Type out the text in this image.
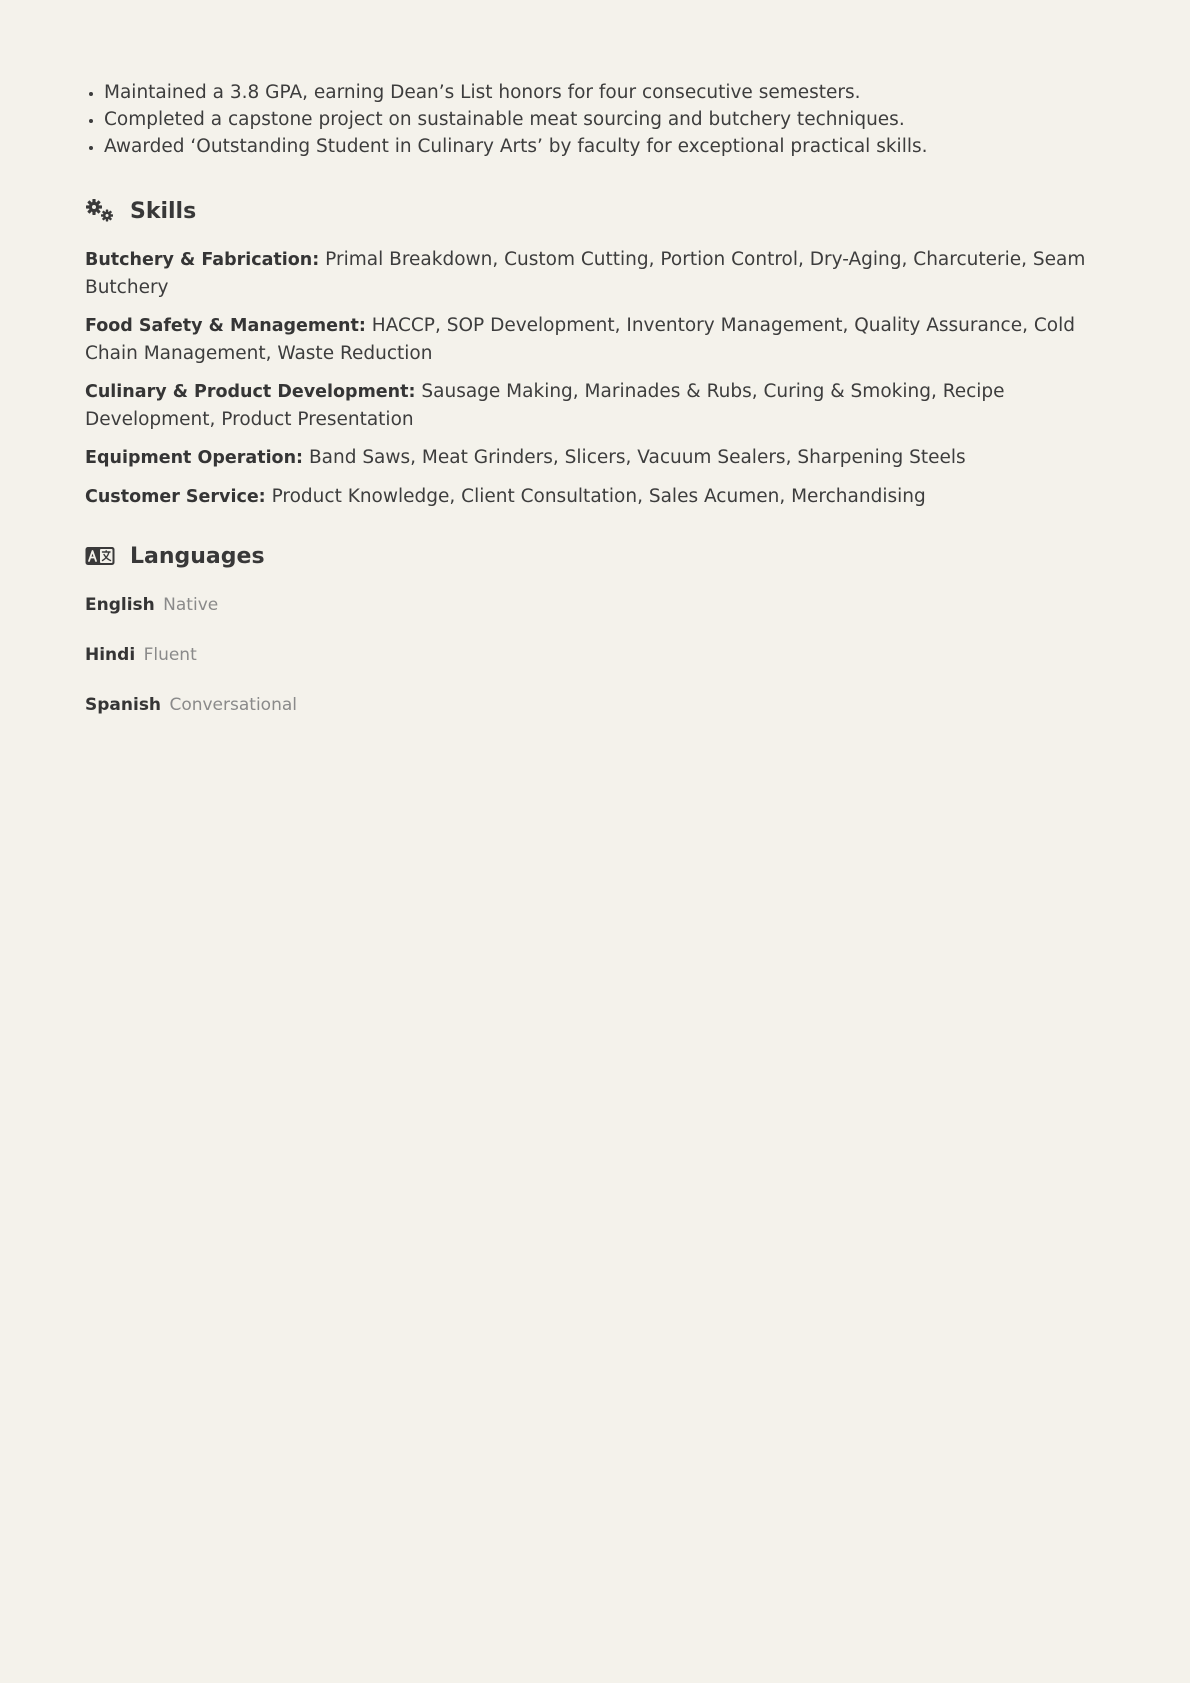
• Maintained a 3.8 GPA, earning Dean’s List honors for four consecutive semesters.
• Completed a capstone project on sustainable meat sourcing and butchery techniques.
• Awarded ‘Outstanding Student in Culinary Arts’ by faculty for exceptional practical skills.
Skills
Butchery & Fabrication: Primal Breakdown, Custom Cutting, Portion Control, Dry-Aging, Charcuterie, Seam Butchery
Food Safety & Management: HACCP, SOP Development, Inventory Management, Quality Assurance, Cold Chain Management, Waste Reduction
Culinary & Product Development: Sausage Making, Marinades & Rubs, Curing & Smoking, Recipe Development, Product Presentation
Equipment Operation: Band Saws, Meat Grinders, Slicers, Vacuum Sealers, Sharpening Steels
Customer Service: Product Knowledge, Client Consultation, Sales Acumen, Merchandising
Languages
English Native
Hindi Fluent
Spanish Conversational
